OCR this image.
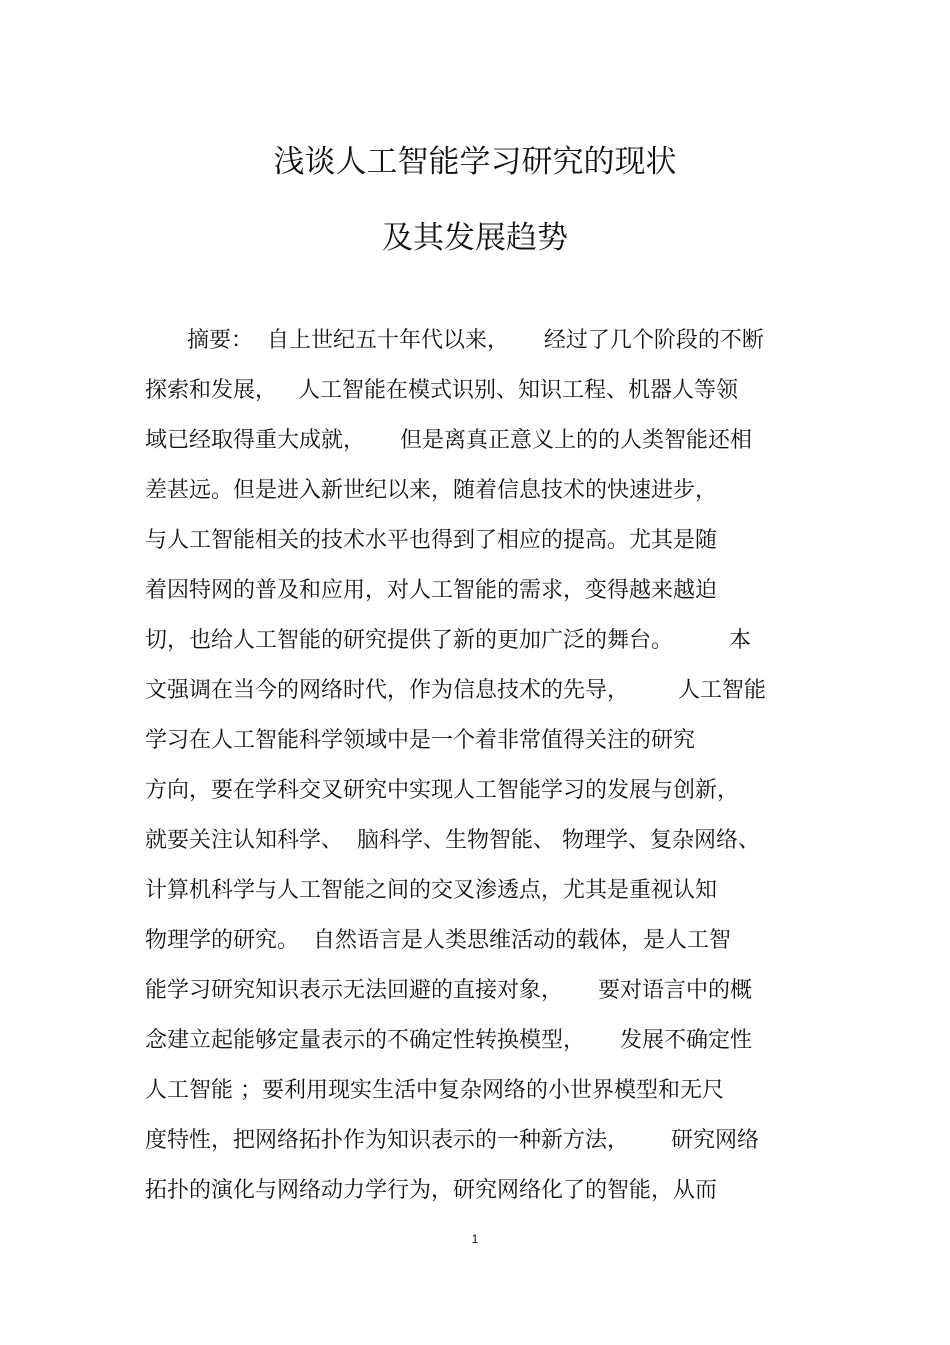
浅谈人工智能学习研究的现状
及其发展趋势
摘要：  自上世纪五十年代以来，     经过了几个阶段的不断
探索和发展，   人工智能在模式识别、知识工程、机器人等领
域已经取得重大成就，     但是离真正意义上的的人类智能还相
差甚远。但是进入新世纪以来，随着信息技术的快速进步，
与人工智能相关的技术水平也得到了相应的提高。尤其是随
着因特网的普及和应用，对人工智能的需求，变得越来越迫
切，也给人工智能的研究提供了新的更加广泛的舞台。        本
文强调在当今的网络时代，作为信息技术的先导，       人工智能
学习在人工智能科学领域中是一个着非常值得关注的研究
方向，要在学科交叉研究中实现人工智能学习的发展与创新，
就要关注认知科学、  脑科学、生物智能、 物理学、复杂网络、
计算机科学与人工智能之间的交叉渗透点，尤其是重视认知
物理学的研究。  自然语言是人类思维活动的载体，是人工智
能学习研究知识表示无法回避的直接对象，     要对语言中的概
念建立起能够定量表示的不确定性转换模型，     发展不确定性
人工智能 ；要利用现实生活中复杂网络的小世界模型和无尺
度特性，把网络拓扑作为知识表示的一种新方法，      研究网络
拓扑的演化与网络动力学行为，研究网络化了的智能，从而
1
